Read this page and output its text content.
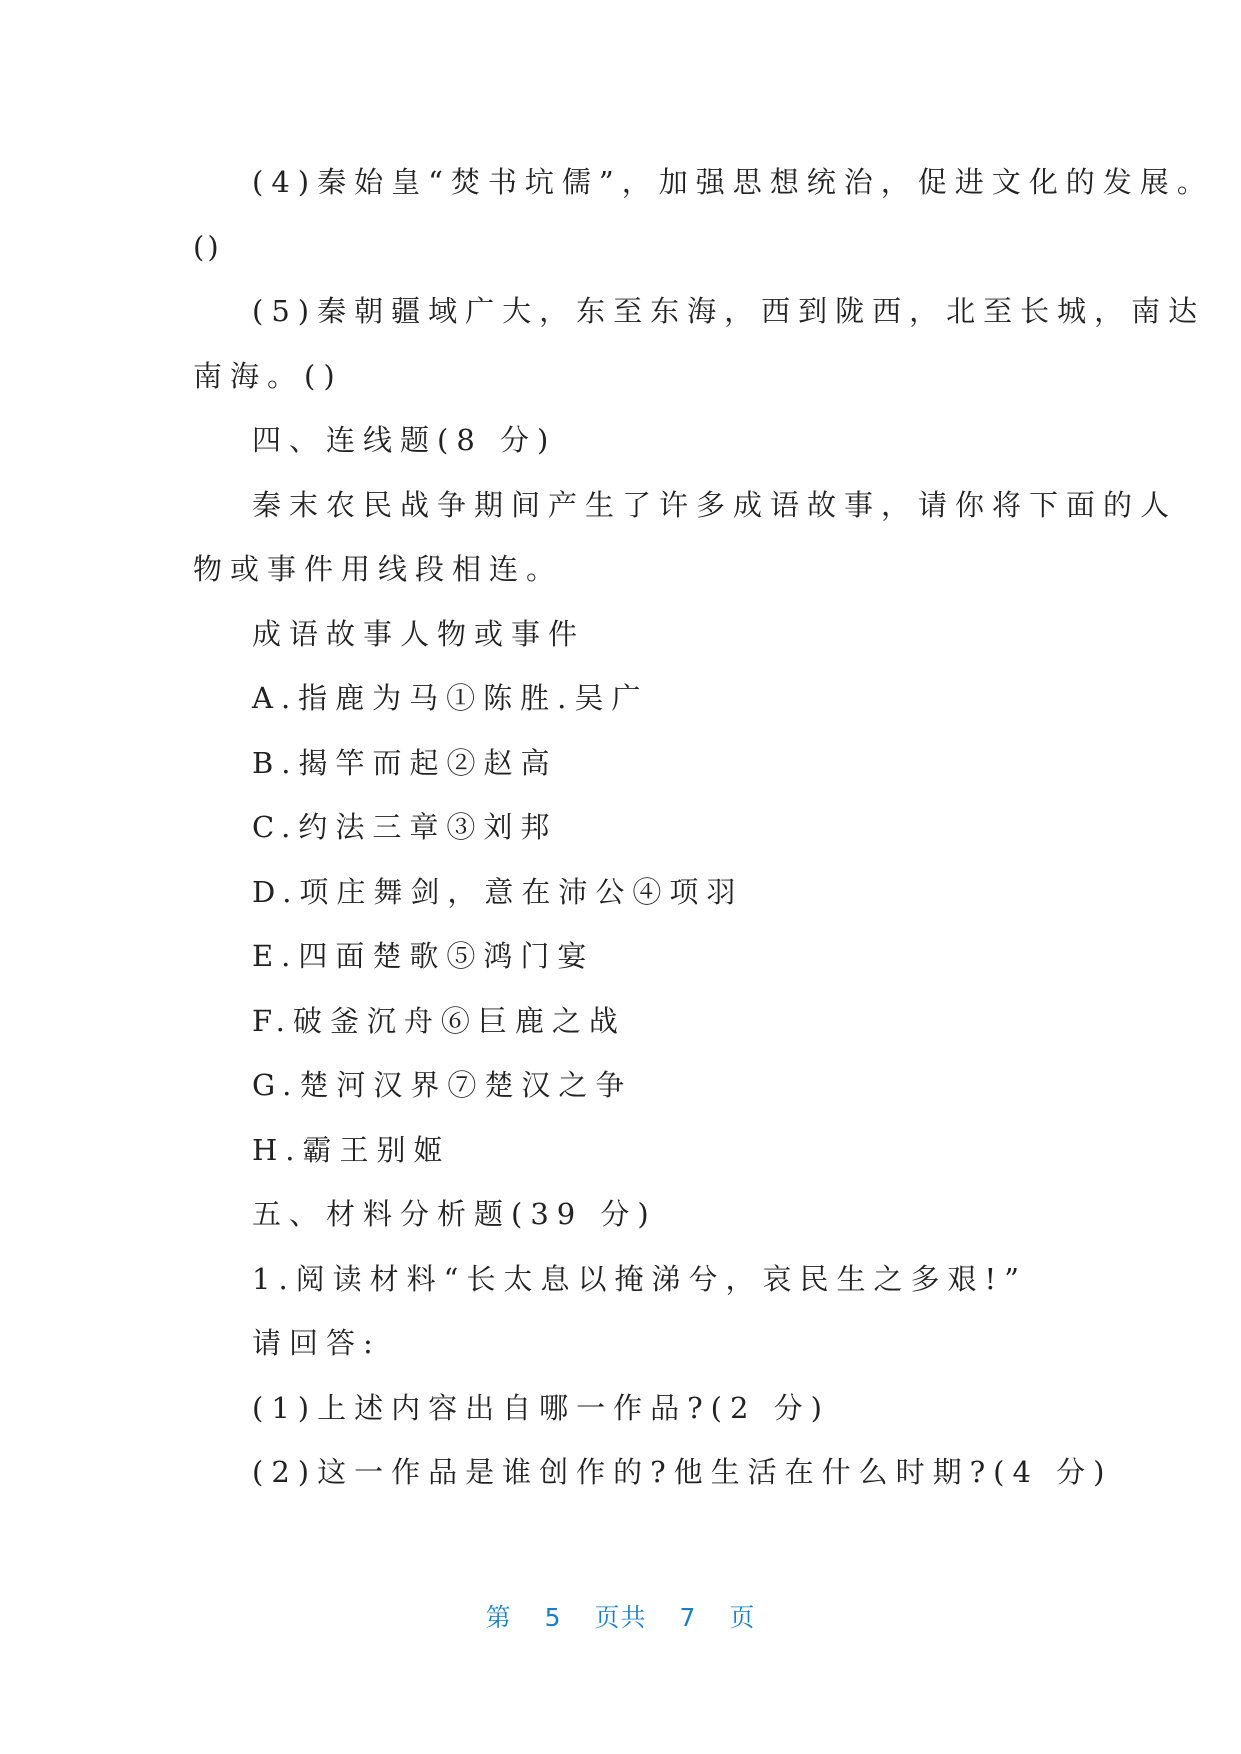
(4)秦始皇“焚书坑儒”，加强思想统治，促进文化的发展。
()
(5)秦朝疆域广大，东至东海，西到陇西，北至长城，南达
南海。()
四、连线题(8 分)
秦末农民战争期间产生了许多成语故事，请你将下面的人
物或事件用线段相连。
成语故事人物或事件
A.指鹿为马①陈胜.吴广
B.揭竿而起②赵高
C.约法三章③刘邦
D.项庄舞剑，意在沛公④项羽
E.四面楚歌⑤鸿门宴
F.破釜沉舟⑥巨鹿之战
G.楚河汉界⑦楚汉之争
H.霸王别姬
五、材料分析题(39 分)
1.阅读材料“长太息以掩涕兮，哀民生之多艰!”
请回答:
(1)上述内容出自哪一作品?(2 分)
(2)这一作品是谁创作的?他生活在什么时期?(4 分)
第 5 页共 7 页
